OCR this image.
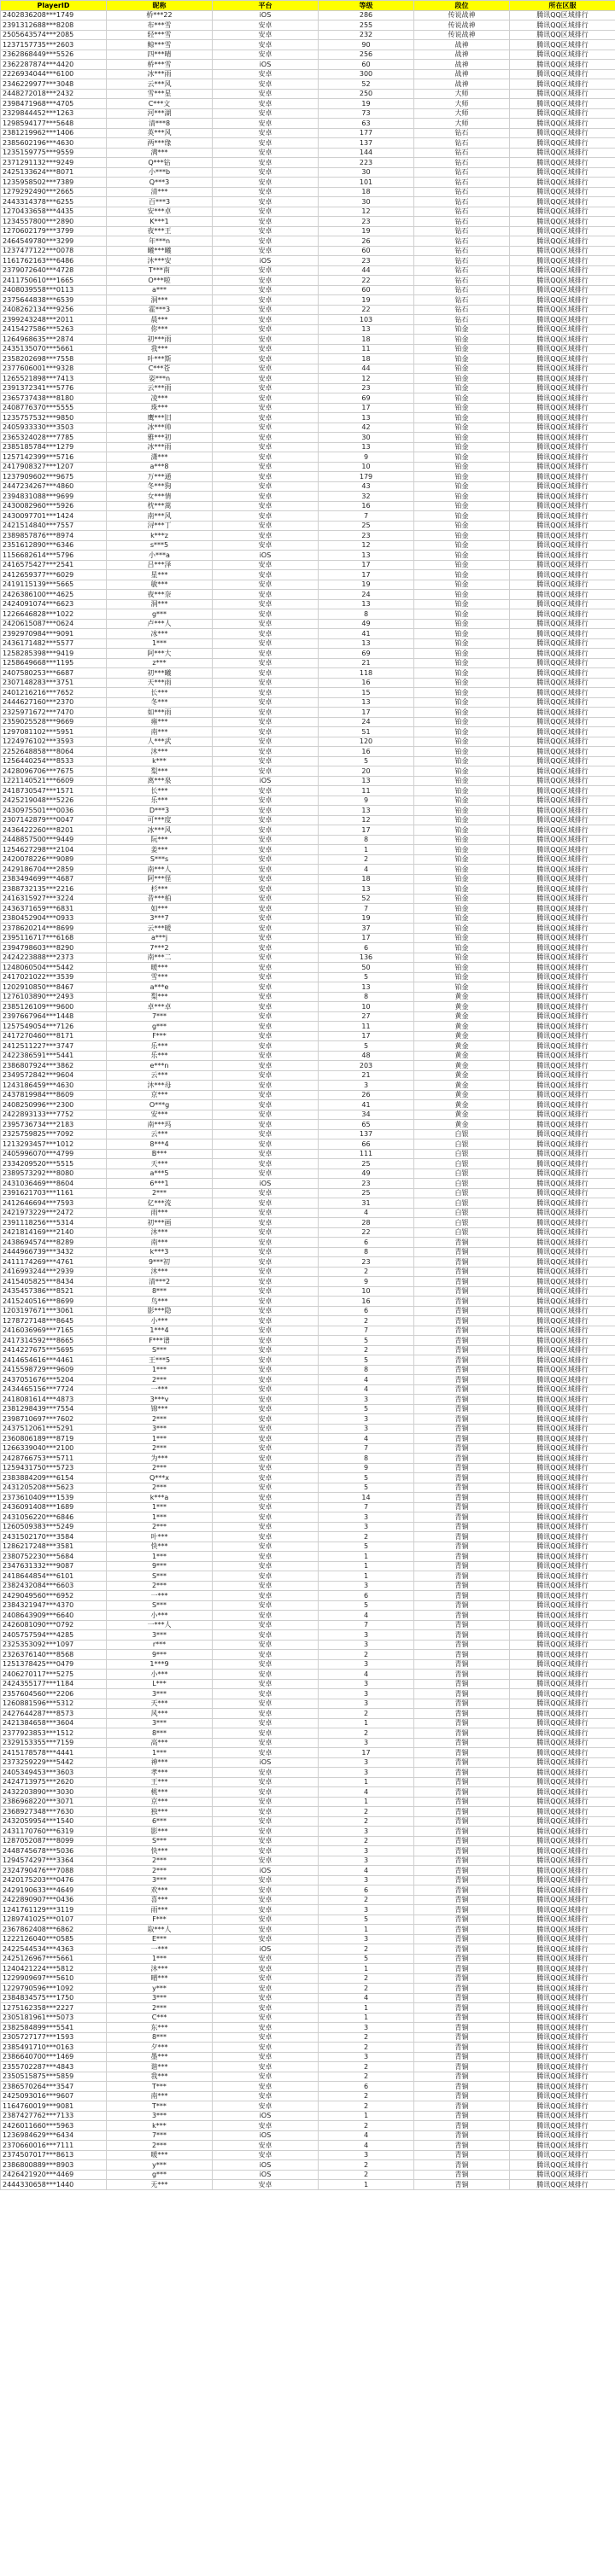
PlayerID	昵称	平台	等级	段位	所在区服
2402836208***1749	桥***22	iOS	286	传说战神	腾讯QQ区域排行
2391312688***8208	布***雪	安卓	255	传说战神	腾讯QQ区域排行
2505643574***2085	轻***雪	安卓	232	传说战神	腾讯QQ区域排行
1237157735***2603	鲸***雪	安卓	90	战神	腾讯QQ区域排行
2362868449***5526	四***晴	安卓	256	战神	腾讯QQ区域排行
2362287874***4420	桥***雪	iOS	60	战神	腾讯QQ区域排行
2226934044***6100	冰***雨	安卓	300	战神	腾讯QQ区域排行
2346229977***3048	云***风	安卓	52	战神	腾讯QQ区域排行
2448272018***2432	雪***星	安卓	250	大师	腾讯QQ区域排行
2398471968***4705	C***文	安卓	19	大师	腾讯QQ区域排行
2329844452***1263	河***湖	安卓	73	大师	腾讯QQ区域排行
1298594177***5648	清***8	安卓	63	大师	腾讯QQ区域排行
2381219962***1406	英***风	安卓	177	钻石	腾讯QQ区域排行
2385602196***4630	两***缘	安卓	137	钻石	腾讯QQ区域排行
1235159775***9559	满***	安卓	144	钻石	腾讯QQ区域排行
2371291132***9249	Q***钻	安卓	223	钻石	腾讯QQ区域排行
2425133624***8071	小***b	安卓	30	钻石	腾讯QQ区域排行
1235958502***7389	Q***3	安卓	101	钻石	腾讯QQ区域排行
1279292490***2665	清***	安卓	18	钻石	腾讯QQ区域排行
2443314378***6255	百***3	安卓	30	钻石	腾讯QQ区域排行
1270433658***4435	安***卓	安卓	12	钻石	腾讯QQ区域排行
1234557800***2890	K***1	安卓	23	钻石	腾讯QQ区域排行
1270602179***3799	夜***王	安卓	19	钻石	腾讯QQ区域排行
2464549780***3299	年***n	安卓	26	钻石	腾讯QQ区域排行
1237477122***0078	曦***曦	安卓	60	钻石	腾讯QQ区域排行
1161762163***6486	沐***安	iOS	23	钻石	腾讯QQ区域排行
2379072640***4728	T***南	安卓	44	钻石	腾讯QQ区域排行
2411750610***1665	O***啦	安卓	22	钻石	腾讯QQ区域排行
2408039558***0113	a***	安卓	60	钻石	腾讯QQ区域排行
2375644838***6539	洞***	安卓	19	钻石	腾讯QQ区域排行
2408262134***9256	霍***3	安卓	22	钻石	腾讯QQ区域排行
2399243248***2011	晨***	安卓	103	钻石	腾讯QQ区域排行
2415427586***5263	你***	安卓	13	铂金	腾讯QQ区域排行
1264968635***2874	初***雨	安卓	18	铂金	腾讯QQ区域排行
2435135070***5661	我***	安卓	11	铂金	腾讯QQ区域排行
2358202698***7558	叶***斯	安卓	18	铂金	腾讯QQ区域排行
2377606001***9328	C***苍	安卓	44	铂金	腾讯QQ区域排行
1265521898***7413	姿***n	安卓	12	铂金	腾讯QQ区域排行
2391372341***5776	云***雨	安卓	23	铂金	腾讯QQ区域排行
2365737438***8180	凌***	安卓	69	铂金	腾讯QQ区域排行
2408776370***5555	珠***	安卓	17	铂金	腾讯QQ区域排行
1235757532***9850	鹰***旧	安卓	13	铂金	腾讯QQ区域排行
2405933330***3503	冰***帅	安卓	42	铂金	腾讯QQ区域排行
2365324028***7785	雅***初	安卓	30	铂金	腾讯QQ区域排行
2385185784***1279	冰***雨	安卓	13	铂金	腾讯QQ区域排行
1257142399***5716	潇***	安卓	9	铂金	腾讯QQ区域排行
2417908327***1207	a***8	安卓	10	铂金	腾讯QQ区域排行
1237909602***9675	万***通	安卓	179	铂金	腾讯QQ区域排行
2447234267***4860	冬***狗	安卓	43	铂金	腾讯QQ区域排行
2394831088***9699	女***情	安卓	32	铂金	腾讯QQ区域排行
2430082960***5926	枕***蒿	安卓	16	铂金	腾讯QQ区域排行
2430097701***1424	南***风	安卓	7	铂金	腾讯QQ区域排行
2421514840***7557	浔***丁	安卓	25	铂金	腾讯QQ区域排行
2389857876***8974	k***z	安卓	23	铂金	腾讯QQ区域排行
2351612890***6346	s***5	安卓	12	铂金	腾讯QQ区域排行
1156682614***5796	小***a	iOS	13	铂金	腾讯QQ区域排行
2416575427***2541	吕***泽	安卓	17	铂金	腾讯QQ区域排行
2412659377***6029	星***	安卓	17	铂金	腾讯QQ区域排行
2419115139***5665	敏***	安卓	19	铂金	腾讯QQ区域排行
2426386100***4625	夜***奈	安卓	24	铂金	腾讯QQ区域排行
2424091074***6623	洞***	安卓	13	铂金	腾讯QQ区域排行
1226646828***1022	g***	安卓	8	铂金	腾讯QQ区域排行
2420615087***0624	卢***人	安卓	49	铂金	腾讯QQ区域排行
2392970984***9091	冰***	安卓	41	铂金	腾讯QQ区域排行
2436171482***5577	1***	安卓	13	铂金	腾讯QQ区域排行
1258285398***9419	阿***大	安卓	69	铂金	腾讯QQ区域排行
1258649668***1195	z***	安卓	21	铂金	腾讯QQ区域排行
2407580253***6687	初***曦	安卓	118	铂金	腾讯QQ区域排行
2307148283***3751	天***雨	安卓	16	铂金	腾讯QQ区域排行
2401216216***7652	长***	安卓	15	铂金	腾讯QQ区域排行
2444627160***2370	冬***	安卓	13	铂金	腾讯QQ区域排行
2325971672***7470	如***雨	安卓	17	铂金	腾讯QQ区域排行
2359025528***9669	雍***	安卓	24	铂金	腾讯QQ区域排行
1297081102***5951	南***	安卓	51	铂金	腾讯QQ区域排行
1224976102***3593	人***武	安卓	120	铂金	腾讯QQ区域排行
2252648858***8064	沐***	安卓	16	铂金	腾讯QQ区域排行
1256440254***8533	k***	安卓	5	铂金	腾讯QQ区域排行
2428096706***7675	梨***	安卓	20	铂金	腾讯QQ区域排行
1221140521***6609	离***泉	iOS	13	铂金	腾讯QQ区域排行
2418730547***1571	长***	安卓	11	铂金	腾讯QQ区域排行
2425219048***5226	乐***	安卓	9	铂金	腾讯QQ区域排行
2430975501***0036	D***3	安卓	13	铂金	腾讯QQ区域排行
2307142879***0047	可***度	安卓	12	铂金	腾讯QQ区域排行
2436422260***8201	冰***风	安卓	17	铂金	腾讯QQ区域排行
2448857500***9449	阮***	安卓	8	铂金	腾讯QQ区域排行
1254627298***2104	姜***	安卓	1	铂金	腾讯QQ区域排行
2420078226***9089	S***s	安卓	2	铂金	腾讯QQ区域排行
2429186704***2859	南***人	安卓	4	铂金	腾讯QQ区域排行
2383494699***4687	阿***怪	安卓	18	铂金	腾讯QQ区域排行
2388732135***2216	杉***	安卓	13	铂金	腾讯QQ区域排行
2416315927***3224	昔***柏	安卓	52	铂金	腾讯QQ区域排行
2436371659***6831	如***	安卓	7	铂金	腾讯QQ区域排行
2380452904***0933	3***7	安卓	19	铂金	腾讯QQ区域排行
2378620214***8699	云***暖	安卓	37	铂金	腾讯QQ区域排行
2395116717***6168	a***j	安卓	17	铂金	腾讯QQ区域排行
2394798603***8290	7***2	安卓	6	铂金	腾讯QQ区域排行
2424223888***2373	南***二	安卓	136	铂金	腾讯QQ区域排行
1248060504***5442	暖***	安卓	50	铂金	腾讯QQ区域排行
2417021022***3539	雪***	安卓	5	铂金	腾讯QQ区域排行
1202910850***8467	a***e	安卓	13	铂金	腾讯QQ区域排行
1276103890***2493	梨***	安卓	8	黄金	腾讯QQ区域排行
2385126109***9600	卓***卓	安卓	10	黄金	腾讯QQ区域排行
2397667964***1448	7***	安卓	27	黄金	腾讯QQ区域排行
1257549054***7126	g***	安卓	11	黄金	腾讯QQ区域排行
2417270460***8171	F***	安卓	17	黄金	腾讯QQ区域排行
2412511227***3747	乐***	安卓	5	黄金	腾讯QQ区域排行
2422386591***5441	乐***	安卓	48	黄金	腾讯QQ区域排行
2386807924***3862	e***n	安卓	203	黄金	腾讯QQ区域排行
2349572842***9604	云***	安卓	21	黄金	腾讯QQ区域排行
1243186459***4630	沐***母	安卓	3	黄金	腾讯QQ区域排行
2437819984***8609	京***	安卓	26	黄金	腾讯QQ区域排行
2408250996***2300	O***g	安卓	41	黄金	腾讯QQ区域排行
2422893133***7752	安***	安卓	34	黄金	腾讯QQ区域排行
2395736734***2183	南***玛	安卓	65	黄金	腾讯QQ区域排行
2325759825***7092	云***	安卓	137	白银	腾讯QQ区域排行
1213293457***1012	8***4	安卓	66	白银	腾讯QQ区域排行
2405996070***4799	B***	安卓	111	白银	腾讯QQ区域排行
2334209520***5515	天***	安卓	25	白银	腾讯QQ区域排行
2389573292***8080	a***5	安卓	49	白银	腾讯QQ区域排行
2431036469***8604	6***1	iOS	23	白银	腾讯QQ区域排行
2391621703***1161	2***	安卓	25	白银	腾讯QQ区域排行
2412646694***7593	亿***流	安卓	31	白银	腾讯QQ区域排行
2421973229***2472	雨***	安卓	4	白银	腾讯QQ区域排行
2391118256***5314	初***画	安卓	28	白银	腾讯QQ区域排行
2421814169***2140	沐***	安卓	22	白银	腾讯QQ区域排行
2438694574***8289	南***	安卓	6	青铜	腾讯QQ区域排行
2444966739***3432	k***3	安卓	8	青铜	腾讯QQ区域排行
2411174269***4761	9***初	安卓	23	青铜	腾讯QQ区域排行
2416993244***2939	沐***	安卓	2	青铜	腾讯QQ区域排行
2415405825***8434	清***2	安卓	9	青铜	腾讯QQ区域排行
2435457386***8521	8***	安卓	10	青铜	腾讯QQ区域排行
2415240516***8699	鸟***	安卓	16	青铜	腾讯QQ区域排行
1203197671***3061	影***隐	安卓	6	青铜	腾讯QQ区域排行
1278727148***8645	小***	安卓	2	青铜	腾讯QQ区域排行
2416036969***7165	1***4	安卓	7	青铜	腾讯QQ区域排行
2417314592***8665	F***谱	安卓	5	青铜	腾讯QQ区域排行
2414227675***5695	S***	安卓	2	青铜	腾讯QQ区域排行
2414654616***4461	王***5	安卓	5	青铜	腾讯QQ区域排行
2415598729***9609	1***	安卓	8	青铜	腾讯QQ区域排行
2437051676***5204	2***	安卓	4	青铜	腾讯QQ区域排行
2434465156***7724	一***	安卓	4	青铜	腾讯QQ区域排行
2418081614***4873	3***v	安卓	3	青铜	腾讯QQ区域排行
2381298439***7554	锦***	安卓	5	青铜	腾讯QQ区域排行
2398710697***7602	2***	安卓	3	青铜	腾讯QQ区域排行
2437512061***5291	3***	安卓	3	青铜	腾讯QQ区域排行
2360806189***8719	1***	安卓	4	青铜	腾讯QQ区域排行
1266339040***2100	2***	安卓	7	青铜	腾讯QQ区域排行
2428766753***5711	为***	安卓	8	青铜	腾讯QQ区域排行
1259431750***5723	2***	安卓	9	青铜	腾讯QQ区域排行
2383884209***6154	Q***x	安卓	5	青铜	腾讯QQ区域排行
2431205208***5623	2***	安卓	5	青铜	腾讯QQ区域排行
2373610409***1539	k***a	安卓	14	青铜	腾讯QQ区域排行
2436091408***1689	1***	安卓	7	青铜	腾讯QQ区域排行
2431056220***6846	1***	安卓	3	青铜	腾讯QQ区域排行
1260509383***5249	2***	安卓	3	青铜	腾讯QQ区域排行
2431502170***3584	叶***	安卓	2	青铜	腾讯QQ区域排行
1286217248***3581	快***	安卓	5	青铜	腾讯QQ区域排行
2380752230***5684	1***	安卓	1	青铜	腾讯QQ区域排行
2347631332***9087	9***	安卓	1	青铜	腾讯QQ区域排行
2418644854***6101	S***	安卓	1	青铜	腾讯QQ区域排行
2382432084***6603	2***	安卓	3	青铜	腾讯QQ区域排行
2429049560***6952	一***	安卓	6	青铜	腾讯QQ区域排行
2384321947***4370	S***	安卓	5	青铜	腾讯QQ区域排行
2408643909***6640	小***	安卓	4	青铜	腾讯QQ区域排行
2426081090***0792	一***人	安卓	7	青铜	腾讯QQ区域排行
2405757594***4285	3***	安卓	3	青铜	腾讯QQ区域排行
2325353092***1097	r***	安卓	3	青铜	腾讯QQ区域排行
2326376140***8568	9***	安卓	2	青铜	腾讯QQ区域排行
1251378425***0479	1***9	安卓	3	青铜	腾讯QQ区域排行
2406270117***5275	小***	安卓	4	青铜	腾讯QQ区域排行
2424355177***1184	L***	安卓	3	青铜	腾讯QQ区域排行
2357604560***2206	3***	安卓	3	青铜	腾讯QQ区域排行
1260881596***5312	天***	安卓	3	青铜	腾讯QQ区域排行
2427644287***8573	风***	安卓	2	青铜	腾讯QQ区域排行
2421384658***3604	3***	安卓	1	青铜	腾讯QQ区域排行
2377923853***1512	8***	安卓	2	青铜	腾讯QQ区域排行
2329153355***7159	高***	安卓	3	青铜	腾讯QQ区域排行
2415178578***4441	1***	安卓	17	青铜	腾讯QQ区域排行
2373259229***5442	神***	iOS	3	青铜	腾讯QQ区域排行
2405349453***3603	孝***	安卓	3	青铜	腾讯QQ区域排行
2424713975***2620	王***	安卓	1	青铜	腾讯QQ区域排行
2432203890***3030	桃***	安卓	4	青铜	腾讯QQ区域排行
2386968220***3071	京***	安卓	1	青铜	腾讯QQ区域排行
2368927348***7630	独***	安卓	2	青铜	腾讯QQ区域排行
2432059954***1540	6***	安卓	2	青铜	腾讯QQ区域排行
2431170760***6319	影***	安卓	3	青铜	腾讯QQ区域排行
1287052087***8099	S***	安卓	2	青铜	腾讯QQ区域排行
2448745678***5036	快***	安卓	3	青铜	腾讯QQ区域排行
1294574297***3364	2***	安卓	3	青铜	腾讯QQ区域排行
2324790476***7088	2***	iOS	4	青铜	腾讯QQ区域排行
2420175203***0476	3***	安卓	3	青铜	腾讯QQ区域排行
2429190633***4649	欢***	安卓	6	青铜	腾讯QQ区域排行
2422890907***0436	喜***	安卓	2	青铜	腾讯QQ区域排行
1241761129***3119	雨***	安卓	3	青铜	腾讯QQ区域排行
1289741025***0107	F***	安卓	5	青铜	腾讯QQ区域排行
2367862408***6862	取***人	安卓	1	青铜	腾讯QQ区域排行
1222126040***0585	E***	安卓	3	青铜	腾讯QQ区域排行
2422544534***4363	一***	iOS	2	青铜	腾讯QQ区域排行
2425126967***5661	1***	安卓	5	青铜	腾讯QQ区域排行
1240421224***5812	沐***	安卓	1	青铜	腾讯QQ区域排行
1229909697***5610	晴***	安卓	2	青铜	腾讯QQ区域排行
1229790596***1092	y***	安卓	2	青铜	腾讯QQ区域排行
2384834575***1750	3***	安卓	4	青铜	腾讯QQ区域排行
1275162358***2227	2***	安卓	1	青铜	腾讯QQ区域排行
2305181961***5073	C***	安卓	1	青铜	腾讯QQ区域排行
2382584899***5541	东***	安卓	3	青铜	腾讯QQ区域排行
2305727177***1593	8***	安卓	2	青铜	腾讯QQ区域排行
2385491710***0163	夕***	安卓	2	青铜	腾讯QQ区域排行
2386640700***1469	墨***	安卓	3	青铜	腾讯QQ区域排行
2355702287***4843	谐***	安卓	2	青铜	腾讯QQ区域排行
2350515875***5859	我***	安卓	2	青铜	腾讯QQ区域排行
2386570264***3547	T***	安卓	6	青铜	腾讯QQ区域排行
2425093016***9607	南***	安卓	2	青铜	腾讯QQ区域排行
1164760019***9081	T***	安卓	2	青铜	腾讯QQ区域排行
2387427762***7133	3***	iOS	1	青铜	腾讯QQ区域排行
2426011660***5963	k***	安卓	2	青铜	腾讯QQ区域排行
1236984629***6434	7***	iOS	4	青铜	腾讯QQ区域排行
2370660016***7111	2***	安卓	4	青铜	腾讯QQ区域排行
2374507017***8613	暖***	安卓	3	青铜	腾讯QQ区域排行
2386800889***8903	y***	iOS	2	青铜	腾讯QQ区域排行
2426421920***4469	g***	iOS	2	青铜	腾讯QQ区域排行
2444330658***1440	无***	安卓	1	青铜	腾讯QQ区域排行
